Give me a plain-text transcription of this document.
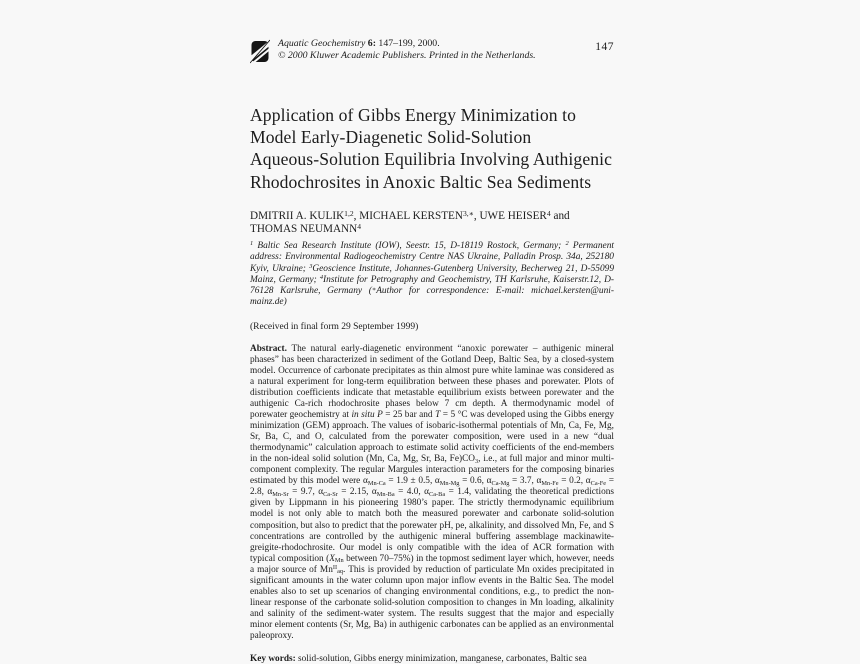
Aquatic Geochemistry 6: 147–199, 2000.
© 2000 Kluwer Academic Publishers. Printed in the Netherlands.
147
Application of Gibbs Energy Minimization to
Model Early-Diagenetic Solid-Solution
Aqueous-Solution Equilibria Involving Authigenic
Rhodochrosites in Anoxic Baltic Sea Sediments
DMITRII A. KULIK$^{1,2}$, MICHAEL $KERSTEN^{3,∗}$, UWE HEISER$^4$ and
THOMAS NEUMANN$^4$
$^1$ Baltic Sea Research Institute (IOW), Seestr. 15, D-18119 Rostock, Germany; $^2$ Permanent address: Environmental Radiogeochemistry Centre NAS Ukraine, Palladin Prosp. 34a, 252180 Kyiv, Ukraine; $^3$Geoscience Institute, Johannes-Gutenberg University, Becherweg 21, D-55099 Mainz, Germany; $^4$Institute for Petrography and Geochemistry, TH Karlsruhe, Kaiserstr.12, D-76128 Karlsruhe, Germany (∗Author for correspondence: E-mail: michael.kersten@uni-mainz.de)
(Received in final form 29 September 1999)

Abstract. The natural early-diagenetic environment “anoxic porewater – authigenic mineral phases” has been characterized in sediment of the Gotland Deep, Baltic Sea, by a closed-system model. Occurrence of carbonate precipitates as thin almost pure white laminae was considered as a natural experiment for long-term equilibration between these phases and porewater. Plots of distribution coefficients indicate that metastable equilibrium exists between porewater and the authigenic Ca-rich rhodochrosite phases below 7 cm depth. A thermodynamic model of porewater geochemistry at in situ P = 25 bar and T = 5 °C was developed using the Gibbs energy minimization (GEM) approach. The values of isobaric-isothermal potentials of Mn, Ca, Fe, Mg, Sr, Ba, C, and O, calculated from the porewater composition, were used in a new “dual thermodynamic” calculation approach to estimate solid activity coefficients of the end-members in the non-ideal solid solution (Mn, Ca, Mg, Sr, Ba, $Fe)CO_3$, i.e., at full major and minor multi-component complexity. The regular Margules interaction parameters for the composing binaries estimated by this model were $\alpha_{Mn-Ca} = 1.9 \pm 0.5$, $\alpha_{Mn-Mg} = 0.6$, $\alpha_{Ca-Mg} = 3.7$, $\alpha_{Mn-Fe} = 0.2$, $\alpha_{Ca-Fe} = 2.8$, $\alpha_{Mn-Sr} = 9.7$, $\alpha_{Ca-Sr} = 2.15$, $\alpha_{Mn-Ba} = 4.0$, $\alpha_{Ca-Ba} = 1.4$, validating the theoretical predictions given by Lippmann in his pioneering 1980’s paper. The strictly thermodynamic equilibrium model is not only able to match both the measured porewater and carbonate solid-solution composition, but also to predict that the porewater pH, pe, alkalinity, and dissolved Mn, Fe, and S concentrations are controlled by the authigenic mineral buffering assemblage mackinawite-greigite-rhodochrosite. Our model is only compatible with the idea of ACR formation with typical composition ($X_{Mn}$ between 70–75%) in the topmost sediment layer which, however, needs a major source of $Mn^{II}_{aq}$. This is provided by reduction of particulate Mn oxides precipitated in significant amounts in the water column upon major inflow events in the Baltic Sea. The model enables also to set up scenarios of changing environmental conditions, e.g., to predict the non-linear response of the carbonate solid-solution composition to changes in Mn loading, alkalinity and salinity of the sediment-water system. The results suggest that the major and especially minor element contents (Sr, Mg, Ba) in authigenic carbonates can be applied as an environmental paleoproxy.

Key words: solid-solution, Gibbs energy minimization, manganese, carbonates, Baltic sea
